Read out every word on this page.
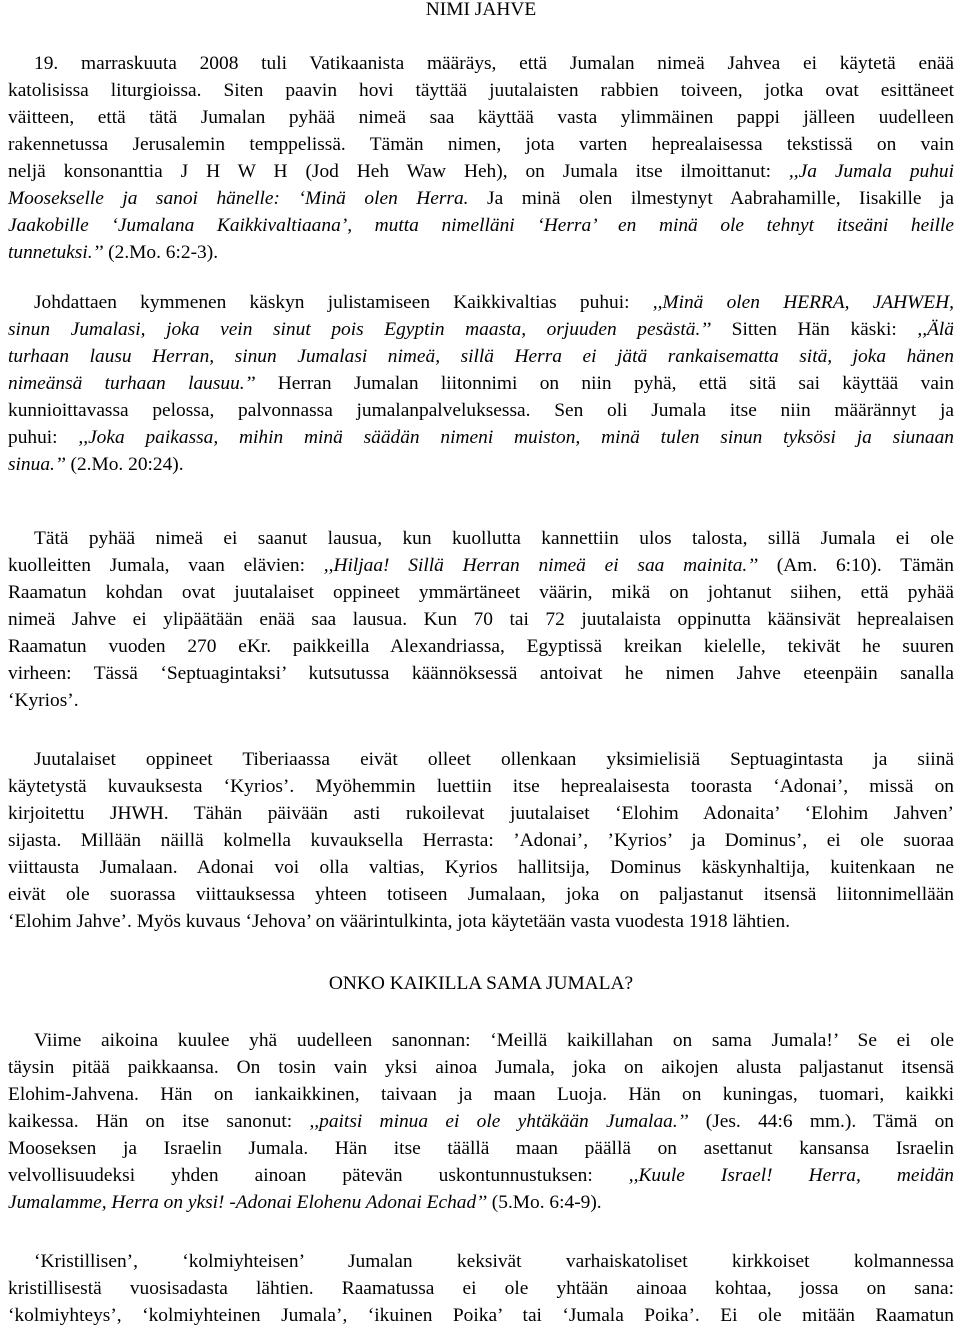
NIMI JAHVE
ONKO KAIKILLA SAMA JUMALA?
19. marraskuuta 2008 tuli Vatikaanista määräys, että Jumalan nimeä Jahvea ei käytetä enää
katolisissa liturgioissa. Siten paavin hovi täyttää juutalaisten rabbien toiveen, jotka ovat esittäneet
väitteen, että tätä Jumalan pyhää nimeä saa käyttää vasta ylimmäinen pappi jälleen uudelleen
rakennetussa Jerusalemin temppelissä. Tämän nimen, jota varten heprealaisessa tekstissä on vain
neljä konsonanttia J H W H (Jod Heh Waw Heh), on Jumala itse ilmoittanut: ,,Ja Jumala puhui
Moosekselle ja sanoi hänelle: ‘Minä olen Herra. Ja minä olen ilmestynyt Aabrahamille, Iisakille ja
Jaakobille ‘Jumalana Kaikkivaltiaana’, mutta nimelläni ‘Herra’ en minä ole tehnyt itseäni heille
tunnetuksi.’’ (2.Mo. 6:2-3).
Johdattaen kymmenen käskyn julistamiseen Kaikkivaltias puhui: ,,Minä olen HERRA, JAHWEH,
sinun Jumalasi, joka vein sinut pois Egyptin maasta, orjuuden pesästä.’’ Sitten Hän käski: ,,Älä
turhaan lausu Herran, sinun Jumalasi nimeä, sillä Herra ei jätä rankaisematta sitä, joka hänen
nimeänsä turhaan lausuu.’’ Herran Jumalan liitonnimi on niin pyhä, että sitä sai käyttää vain
kunnioittavassa pelossa, palvonnassa jumalanpalveluksessa. Sen oli Jumala itse niin määrännyt ja
puhui: ,,Joka paikassa, mihin minä säädän nimeni muiston, minä tulen sinun tyksösi ja siunaan
sinua.’’ (2.Mo. 20:24).
Tätä pyhää nimeä ei saanut lausua, kun kuollutta kannettiin ulos talosta, sillä Jumala ei ole
kuolleitten Jumala, vaan elävien: ,,Hiljaa! Sillä Herran nimeä ei saa mainita.’’ (Am. 6:10). Tämän
Raamatun kohdan ovat juutalaiset oppineet ymmärtäneet väärin, mikä on johtanut siihen, että pyhää
nimeä Jahve ei ylipäätään enää saa lausua. Kun 70 tai 72 juutalaista oppinutta käänsivät heprealaisen
Raamatun vuoden 270 eKr. paikkeilla Alexandriassa, Egyptissä kreikan kielelle, tekivät he suuren
virheen: Tässä ‘Septuagintaksi’ kutsutussa käännöksessä antoivat he nimen Jahve eteenpäin sanalla
‘Kyrios’.
Juutalaiset oppineet Tiberiaassa eivät olleet ollenkaan yksimielisiä Septuagintasta ja siinä
käytetystä kuvauksesta ‘Kyrios’. Myöhemmin luettiin itse heprealaisesta toorasta ‘Adonai’, missä on
kirjoitettu JHWH. Tähän päivään asti rukoilevat juutalaiset ‘Elohim Adonaita’ ‘Elohim Jahven’
sijasta. Millään näillä kolmella kuvauksella Herrasta: ’Adonai’, ’Kyrios’ ja Dominus’, ei ole suoraa
viittausta Jumalaan. Adonai voi olla valtias, Kyrios hallitsija, Dominus käskynhaltija, kuitenkaan ne
eivät ole suorassa viittauksessa yhteen totiseen Jumalaan, joka on paljastanut itsensä liitonnimellään
‘Elohim Jahve’. Myös kuvaus ‘Jehova’ on väärintulkinta, jota käytetään vasta vuodesta 1918 lähtien.
Viime aikoina kuulee yhä uudelleen sanonnan: ‘Meillä kaikillahan on sama Jumala!’ Se ei ole
täysin pitää paikkaansa. On tosin vain yksi ainoa Jumala, joka on aikojen alusta paljastanut itsensä
Elohim-Jahvena. Hän on iankaikkinen, taivaan ja maan Luoja. Hän on kuningas, tuomari, kaikki
kaikessa. Hän on itse sanonut: ,,paitsi minua ei ole yhtäkään Jumalaa.’’ (Jes. 44:6 mm.). Tämä on
Mooseksen ja Israelin Jumala. Hän itse täällä maan päällä on asettanut kansansa Israelin
velvollisuudeksi yhden ainoan pätevän uskontunnustuksen: ,,Kuule Israel! Herra, meidän
Jumalamme, Herra on yksi! -Adonai Elohenu Adonai Echad’’ (5.Mo. 6:4-9).
‘Kristillisen’, ‘kolmiyhteisen’ Jumalan keksivät varhaiskatoliset kirkkoiset kolmannessa
kristillisestä vuosisadasta lähtien. Raamatussa ei ole yhtään ainoaa kohtaa, jossa on sana:
‘kolmiyhteys’, ‘kolmiyhteinen Jumala’, ‘ikuinen Poika’ tai ‘Jumala Poika’. Ei ole mitään Raamatun
